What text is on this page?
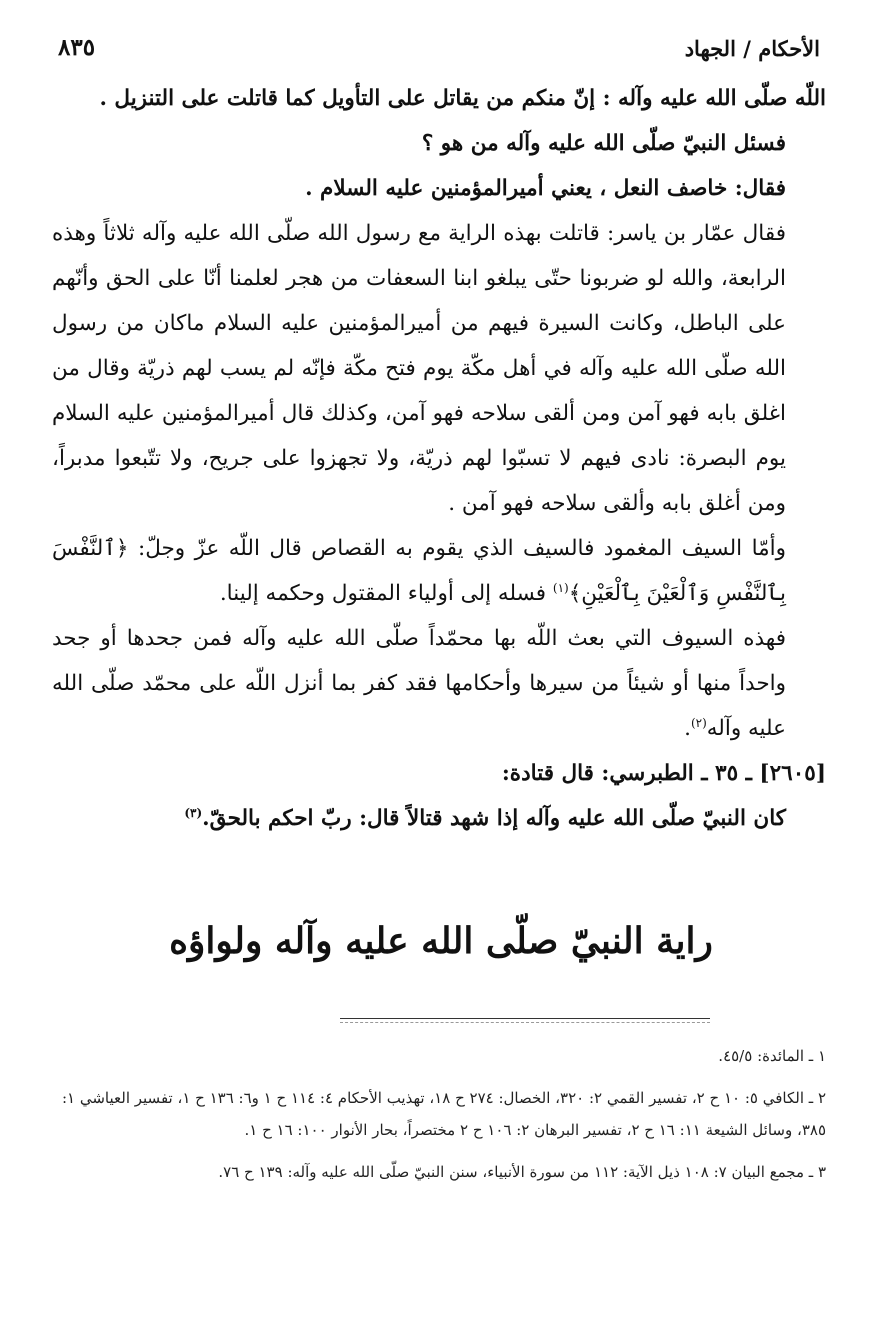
٨٣٥	الأحكام / الجهاد

اللّه صلّى الله عليه وآله : إنّ منكم من يقاتل على التأويل كما قاتلت على التنزيل .

فسئل النبيّ صلّى الله عليه وآله من هو ؟

فقال: خاصف النعل ، يعني أميرالمؤمنين عليه السلام .

فقال عمّار بن ياسر: قاتلت بهذه الراية مع رسول الله صلّى الله عليه وآله ثلاثاً وهذه الرابعة، والله لو ضربونا حتّى يبلغو ابنا السعفات من هجر لعلمنا أنّا على الحق وأنّهم على الباطل، وكانت السيرة فيهم من أميرالمؤمنين عليه السلام ماكان من رسول الله صلّى الله عليه وآله في أهل مكّة يوم فتح مكّة فإنّه لم يسب لهم ذريّة وقال من اغلق بابه فهو آمن ومن ألقى سلاحه فهو آمن، وكذلك قال أميرالمؤمنين عليه السلام يوم البصرة: نادى فيهم لا تسبّوا لهم ذريّة، ولا تجهزوا على جريح، ولا تتّبعوا مدبراً، ومن أغلق بابه وألقى سلاحه فهو آمن .

وأمّا السيف المغمود فالسيف الذي يقوم به القصاص قال اللّه عزّ وجلّ: ﴿ٱلنَّفْسَ بِٱلنَّفْسِ وَٱلْعَيْنَ بِٱلْعَيْنِ﴾$^{(١)}$ فسله إلى أولياء المقتول وحكمه إلينا.

فهذه السيوف التي بعث اللّه بها محمّداً صلّى الله عليه وآله فمن جحدها أو جحد واحداً منها أو شيئاً من سيرها وأحكامها فقد كفر بما أنزل اللّه على محمّد صلّى الله عليه وآله$^{(٢)}$.

[٢٦٠٥] ـ ٣٥ ـ الطبرسي: قال قتادة:

كان النبيّ صلّى الله عليه وآله إذا شهد قتالاً قال: ربّ احكم بالحقّ.$^{(٣)}$

راية النبيّ صلّى الله عليه وآله ولواؤه

١ ـ المائدة: ٤٥/٥.

٢ ـ الكافي ٥: ١٠ ح ٢، تفسير القمي ٢: ٣٢٠، الخصال: ٢٧٤ ح ١٨، تهذيب الأحكام ٤: ١١٤ ح ١ و٦: ١٣٦ ح ١، تفسير العياشي ١: ٣٨٥، وسائل الشيعة ١١: ١٦ ح ٢، تفسير البرهان ٢: ١٠٦ ح ٢ مختصراً، بحار الأنوار ١٠٠: ١٦ ح ١.

٣ ـ مجمع البيان ٧: ١٠٨ ذيل الآية: ١١٢ من سورة الأنبياء، سنن النبيّ صلّى الله عليه وآله: ١٣٩ ح ٧٦.
